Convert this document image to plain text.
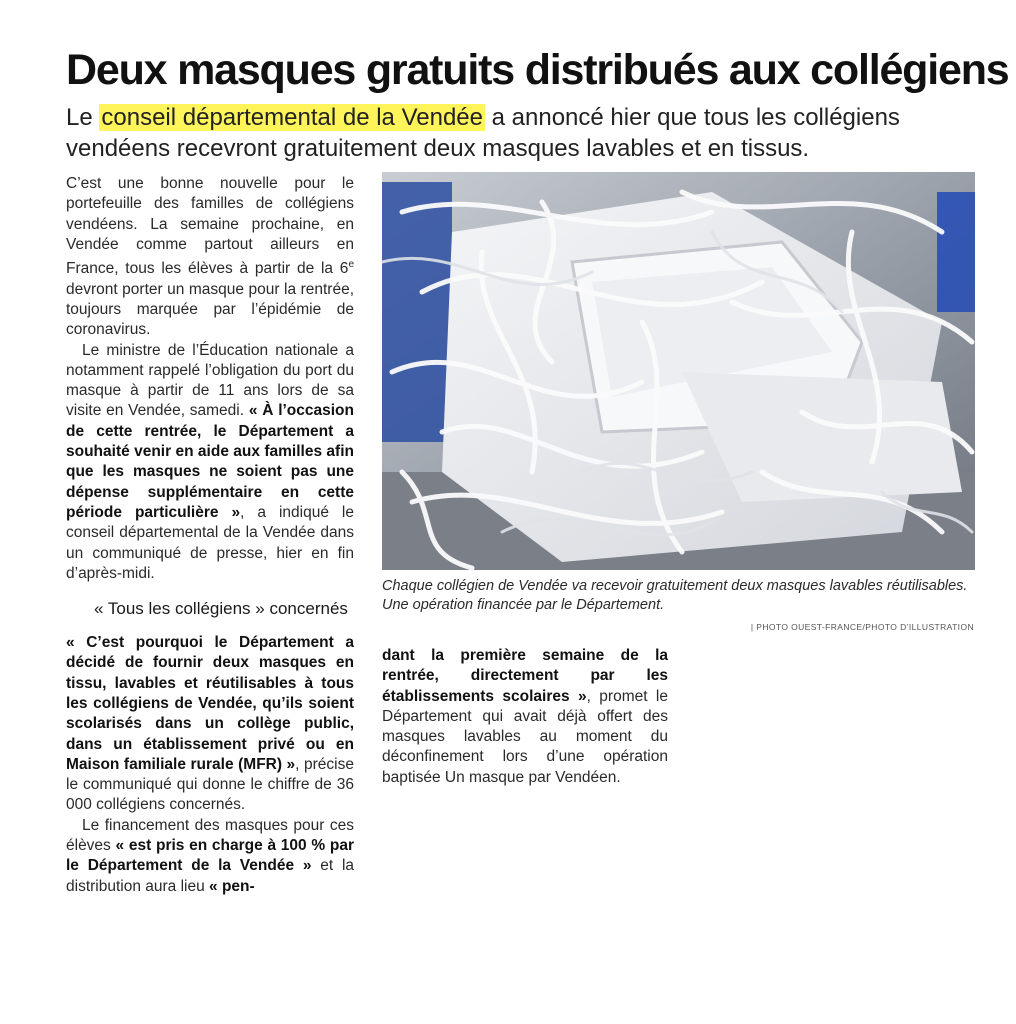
Deux masques gratuits distribués aux collégiens

Le conseil départemental de la Vendée a annoncé hier que tous les collégiens vendéens recevront gratuitement deux masques lavables et en tissus.

C’est une bonne nouvelle pour le portefeuille des familles de collégiens vendéens. La semaine prochaine, en Vendée comme partout ailleurs en France, tous les élèves à partir de la 6e devront porter un masque pour la rentrée, toujours marquée par l’épidémie de coronavirus.

Le ministre de l’Éducation nationale a notamment rappelé l’obligation du port du masque à partir de 11 ans lors de sa visite en Vendée, samedi. « À l’occasion de cette rentrée, le Département a souhaité venir en aide aux familles afin que les masques ne soient pas une dépense supplémentaire en cette période particulière », a indiqué le conseil départemental de la Vendée dans un communiqué de presse, hier en fin d’après-midi.

« Tous les collégiens » concernés

« C’est pourquoi le Département a décidé de fournir deux masques en tissu, lavables et réutilisables à tous les collégiens de Vendée, qu’ils soient scolarisés dans un collège public, dans un établissement privé ou en Maison familiale rurale (MFR) », précise le communiqué qui donne le chiffre de 36 000 collégiens concernés.

Le financement des masques pour ces élèves « est pris en charge à 100 % par le Département de la Vendée » et la distribution aura lieu « pen-

Chaque collégien de Vendée va recevoir gratuitement deux masques lavables réutilisables. Une opération financée par le Département.

| PHOTO OUEST-FRANCE/PHOTO D’ILLUSTRATION

dant la première semaine de la rentrée, directement par les établissements scolaires », promet le Département qui avait déjà offert des masques lavables au moment du déconfinement lors d’une opération baptisée Un masque par Vendéen.
